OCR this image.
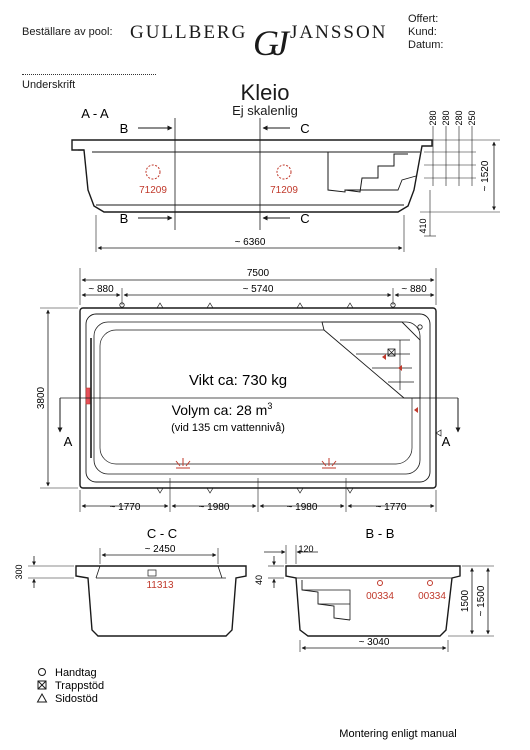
Beställare av pool: GULLBERG GJ JANSSON
Offert:
Kund:
Datum:
Underskrift	Kleio
Ej skalenlig
A - A
B
B
C
C
~ 6360
~ 1520
280 280 280 250
410
71209	71209
7500
~ 880	~ 5740	~ 880
3800
Vikt ca: 730 kg
Volym ca: 28 $m^3$
(vid 135 cm vattennivå)
A	A
~ 1770	~ 1980	~ 1980	~ 1770
C - C
~ 2450
300
11313
B - B
120
40
00334 00334
~ 3040
1500 ~ 1500
Handtag
Trappstöd
Sidostöd
Montering enligt manual
